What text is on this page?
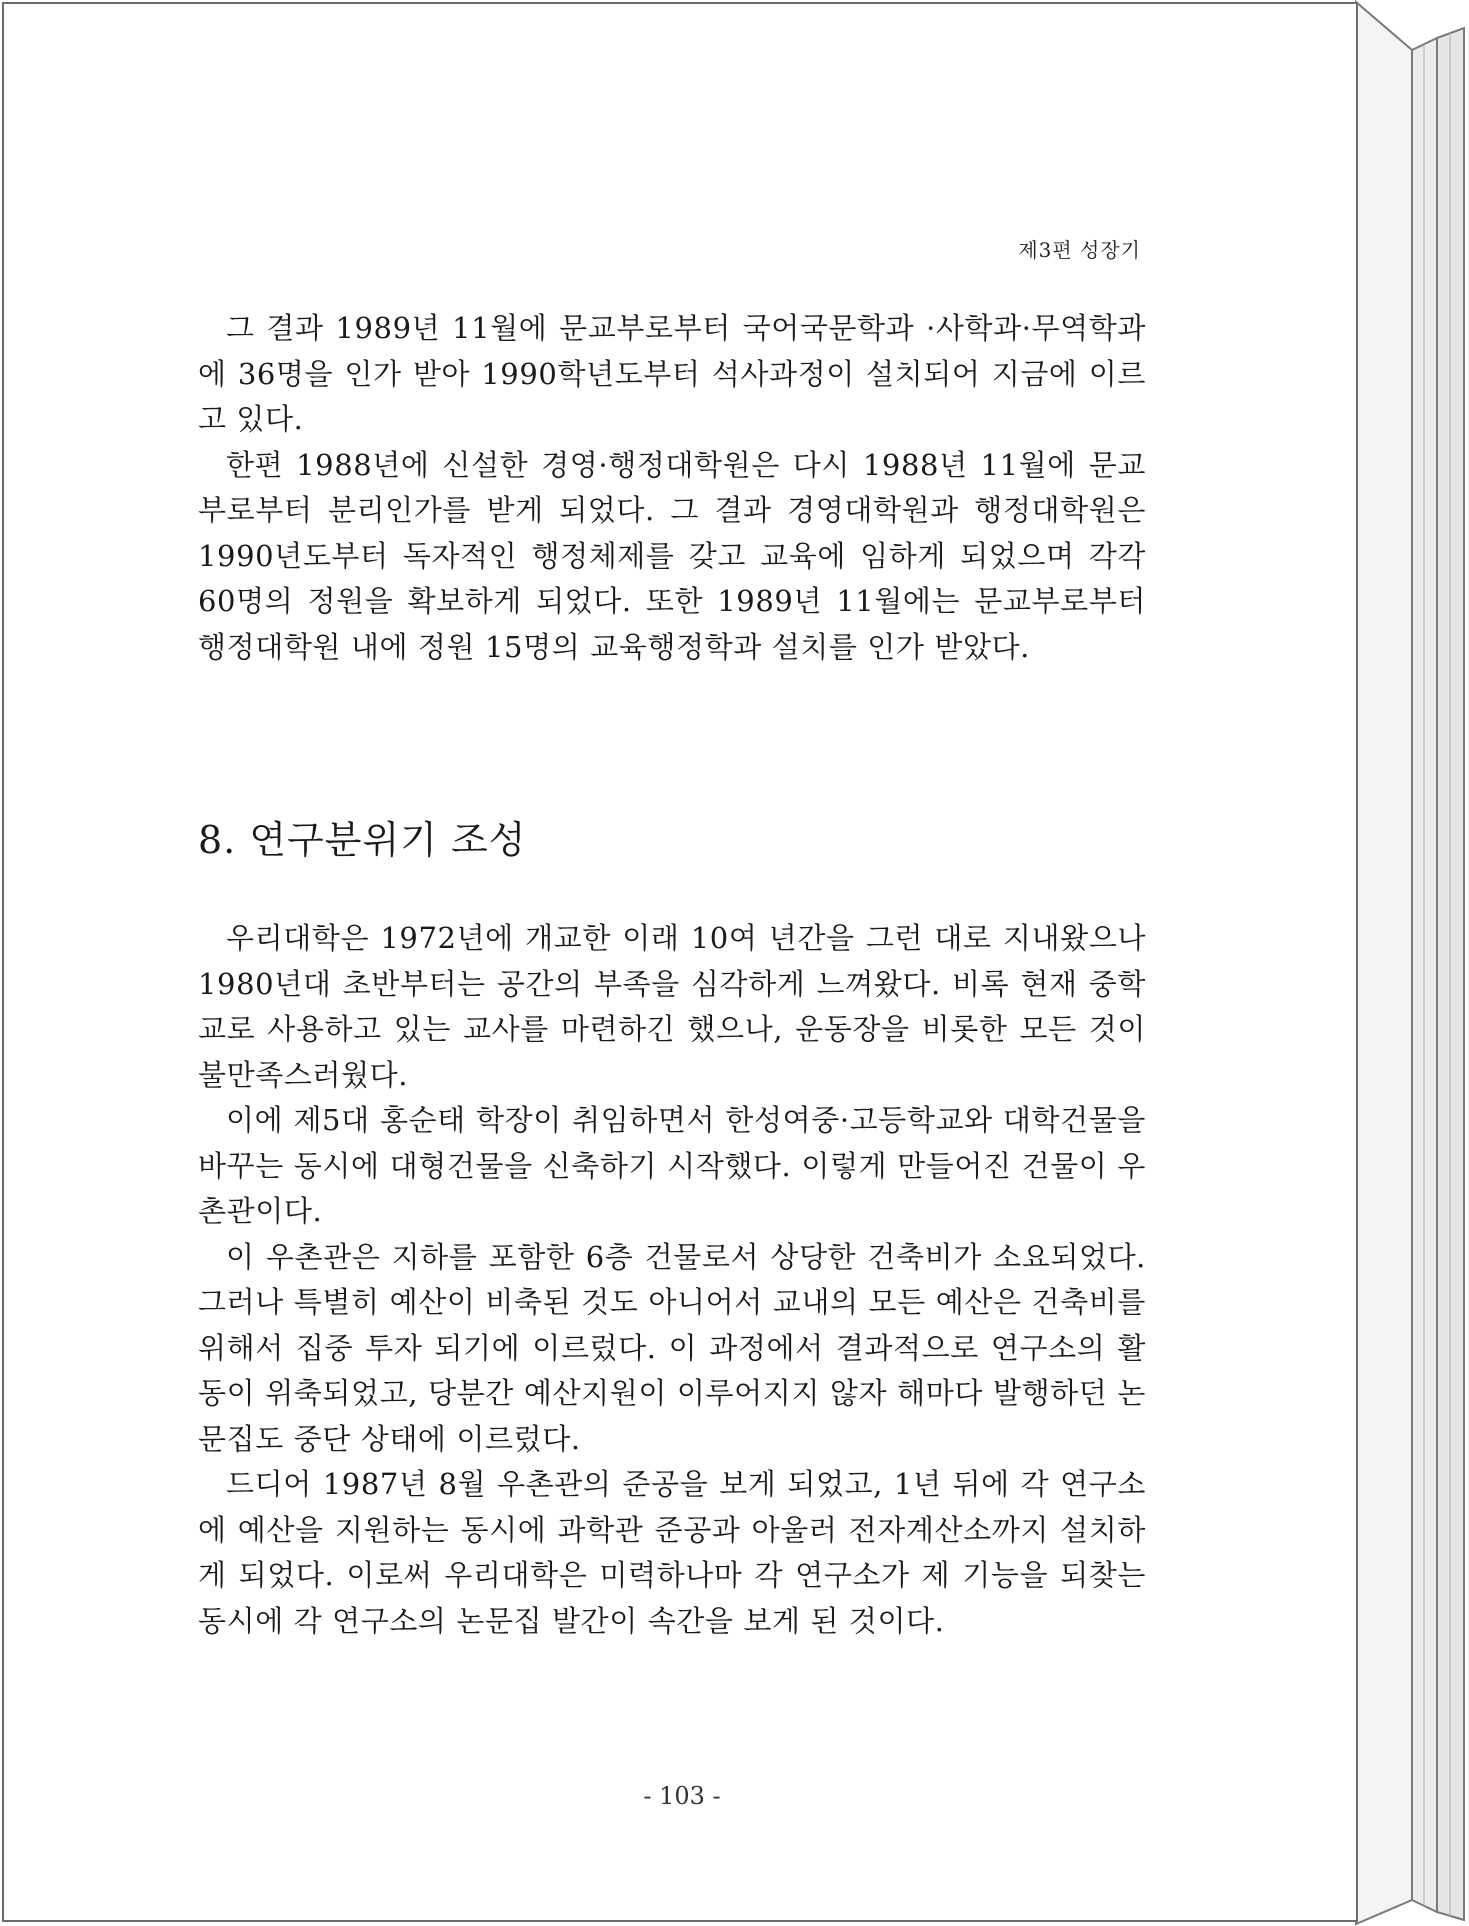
제3편 성장기

그 결과 1989년 11월에 문교부로부터 국어국문학과 ·사학과·무역학과에 36명을 인가 받아 1990학년도부터 석사과정이 설치되어 지금에 이르고 있다.

한편 1988년에 신설한 경영·행정대학원은 다시 1988년 11월에 문교부로부터 분리인가를 받게 되었다. 그 결과 경영대학원과 행정대학원은 1990년도부터 독자적인 행정체제를 갖고 교육에 임하게 되었으며 각각 60명의 정원을 확보하게 되었다. 또한 1989년 11월에는 문교부로부터 행정대학원 내에 정원 15명의 교육행정학과 설치를 인가 받았다.

8. 연구분위기 조성

우리대학은 1972년에 개교한 이래 10여 년간을 그런 대로 지내왔으나 1980년대 초반부터는 공간의 부족을 심각하게 느껴왔다. 비록 현재 중학교로 사용하고 있는 교사를 마련하긴 했으나, 운동장을 비롯한 모든 것이 불만족스러웠다.

이에 제5대 홍순태 학장이 취임하면서 한성여중·고등학교와 대학건물을 바꾸는 동시에 대형건물을 신축하기 시작했다. 이렇게 만들어진 건물이 우촌관이다.

이 우촌관은 지하를 포함한 6층 건물로서 상당한 건축비가 소요되었다. 그러나 특별히 예산이 비축된 것도 아니어서 교내의 모든 예산은 건축비를 위해서 집중 투자 되기에 이르렀다. 이 과정에서 결과적으로 연구소의 활동이 위축되었고, 당분간 예산지원이 이루어지지 않자 해마다 발행하던 논문집도 중단 상태에 이르렀다.

드디어 1987년 8월 우촌관의 준공을 보게 되었고, 1년 뒤에 각 연구소에 예산을 지원하는 동시에 과학관 준공과 아울러 전자계산소까지 설치하게 되었다. 이로써 우리대학은 미력하나마 각 연구소가 제 기능을 되찾는 동시에 각 연구소의 논문집 발간이 속간을 보게 된 것이다.

- 103 -
